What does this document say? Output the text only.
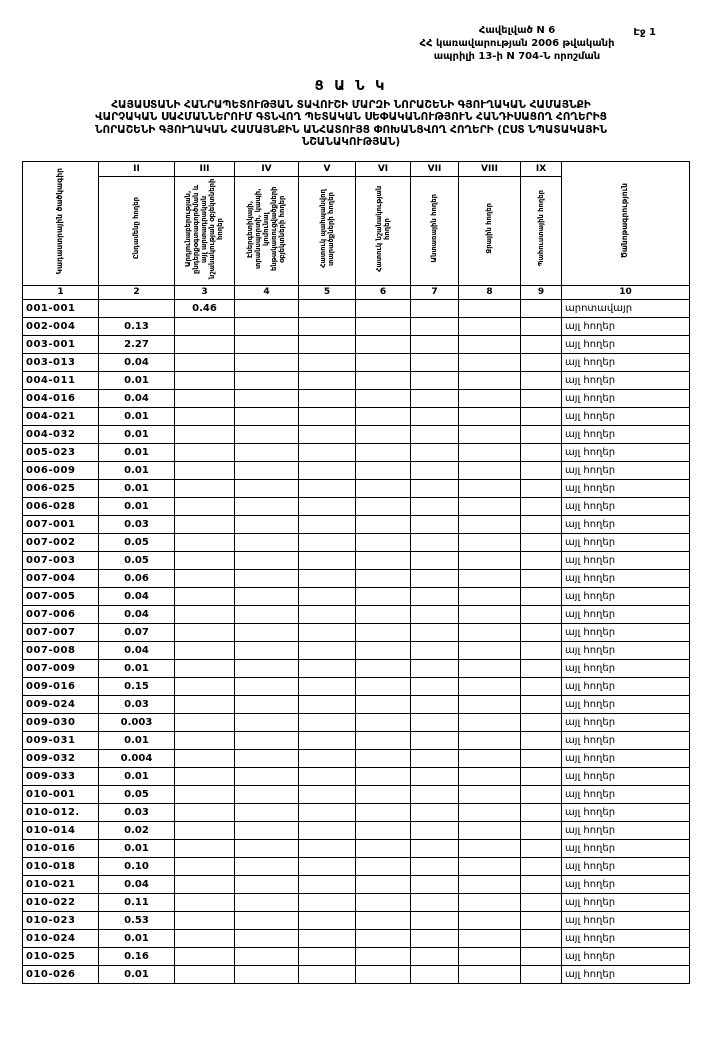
Էջ 1
Հավելված N 6
ՀՀ կառավարության 2006 թվականի
ապրիլի 13-ի N 704-Ն որոշման
Ց Ա Ն Կ
ՀԱՅԱՍՏԱՆԻ ՀԱՆՐԱՊԵՏՈՒԹՅԱՆ ՏԱՎՈՒՇԻ ՄԱՐԶԻ ՆՈՐԱՇԵՆԻ ԳՅՈՒՂԱԿԱՆ ՀԱՄԱՅՆՔԻ
ՎԱՐՉԱԿԱՆ ՍԱՀՄԱՆՆԵՐՈՒՄ ԳՏՆՎՈՂ ՊԵՏԱԿԱՆ ՍԵՓԱԿԱՆՈՒԹՅՈՒՆ ՀԱՆԴԻՍԱՑՈՂ ՀՈՂԵՐԻՑ
ՆՈՐԱՇԵՆԻ ԳՅՈՒՂԱԿԱՆ ՀԱՄԱՅՆՔԻՆ ԱՆՀԱՏՈՒՅՑ ՓՈԽԱՆՑՎՈՂ ՀՈՂԵՐԻ (ԸՍՏ ՆՊԱՏԱԿԱՅԻՆ
ՆՇԱՆԱԿՈՒԹՅԱՆ)
Կադաստրային ծածկագիր	II	III	IV	V	VI	VII	VIII	IX	Ծանոթագրություն
	Ընդամենը հողեր	Արդյունաբերության, ընդերքօգտագործման և այլ արտադրական նշանակության օբյեկտների հողեր	Էներգետիկայի, տրանսպորտի, կապի, կոմունալ ենթակառուցվածքների օբյեկտների հողեր	Հատուկ պահպանվող տարածքների հողեր	Հատուկ նշանակության հողեր	Անտառային հողեր	Ջրային հողեր	Պահուստային հողեր	
1	2	3	4	5	6	7	8	9	10
001-001		0.46							արոտավայր
002-004	0.13								այլ հողեր
003-001	2.27								այլ հողեր
003-013	0.04								այլ հողեր
004-011	0.01								այլ հողեր
004-016	0.04								այլ հողեր
004-021	0.01								այլ հողեր
004-032	0.01								այլ հողեր
005-023	0.01								այլ հողեր
006-009	0.01								այլ հողեր
006-025	0.01								այլ հողեր
006-028	0.01								այլ հողեր
007-001	0.03								այլ հողեր
007-002	0.05								այլ հողեր
007-003	0.05								այլ հողեր
007-004	0.06								այլ հողեր
007-005	0.04								այլ հողեր
007-006	0.04								այլ հողեր
007-007	0.07								այլ հողեր
007-008	0.04								այլ հողեր
007-009	0.01								այլ հողեր
009-016	0.15								այլ հողեր
009-024	0.03								այլ հողեր
009-030	0.003								այլ հողեր
009-031	0.01								այլ հողեր
009-032	0.004								այլ հողեր
009-033	0.01								այլ հողեր
010-001	0.05								այլ հողեր
010-012.	0.03								այլ հողեր
010-014	0.02								այլ հողեր
010-016	0.01								այլ հողեր
010-018	0.10								այլ հողեր
010-021	0.04								այլ հողեր
010-022	0.11								այլ հողեր
010-023	0.53								այլ հողեր
010-024	0.01								այլ հողեր
010-025	0.16								այլ հողեր
010-026	0.01								այլ հողեր
